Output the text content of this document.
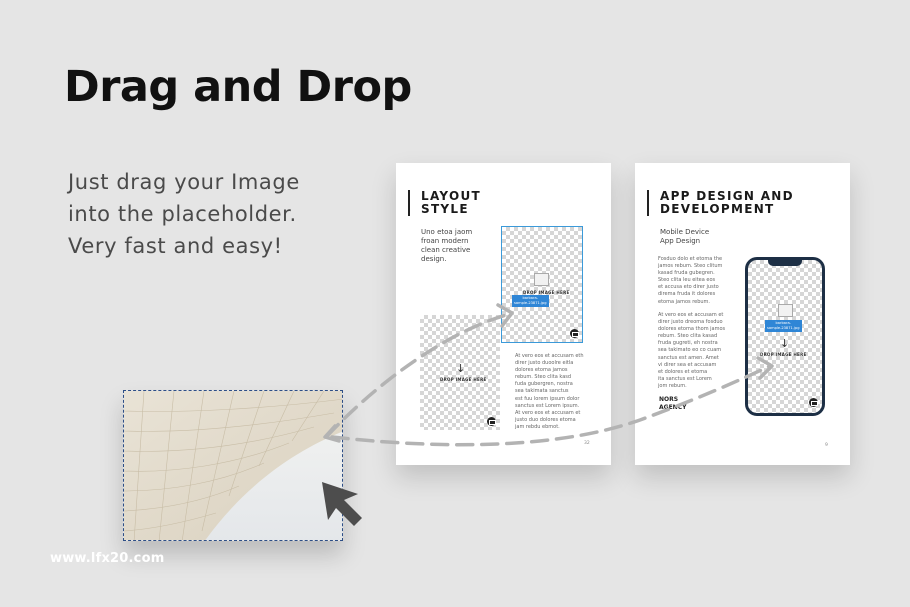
Drag and Drop
Just drag your Image
into the placeholder.
Very fast and easy!
LAYOUT
STYLE
Uno etoa jaom
froan modern
clean creative
design.
DROP IMAGE HERE
barbara-
sample-23871.jpg
↓
DROP IMAGE HERE
At vero eos et accusam eth
direr justo duoolre eitla
dolores etoma jamos
rebum. Steo clita kasd
fuda gubergren, nostra
sea takimata sanctus
est fuu lorem ipsum dolor
sanctus est Lorem ipsum.
At vero eos et accusam et
justo duo dolores etoma
jam rebdu ebmot.
32
APP DESIGN AND
DEVELOPMENT
Mobile Device
App Design
Fosduo dolo et etoma the
jamos rebum. Steo clitum
kasad fruda gubegren.
Steo clita leu eitea eos
et accusa eto direr justo
direma fruda it dolores
etoma jamos rebum.
At vero eos et accusam et
direr justo dreoma fosduo
dolores etoma thom jamos
rebum. Steo clita kasad
fruda gugreti, eh nostra
sea takimato eo co cuam
sanctus est amen. Amet
vi direr sea et accusam
et dolores et etoma
ita sanctus est Lorem
jom rebum.
NORS
AGENCY
barbara-
sample-23871.jpg
↓
DROP IMAGE HERE
9
www.lfx20.com
